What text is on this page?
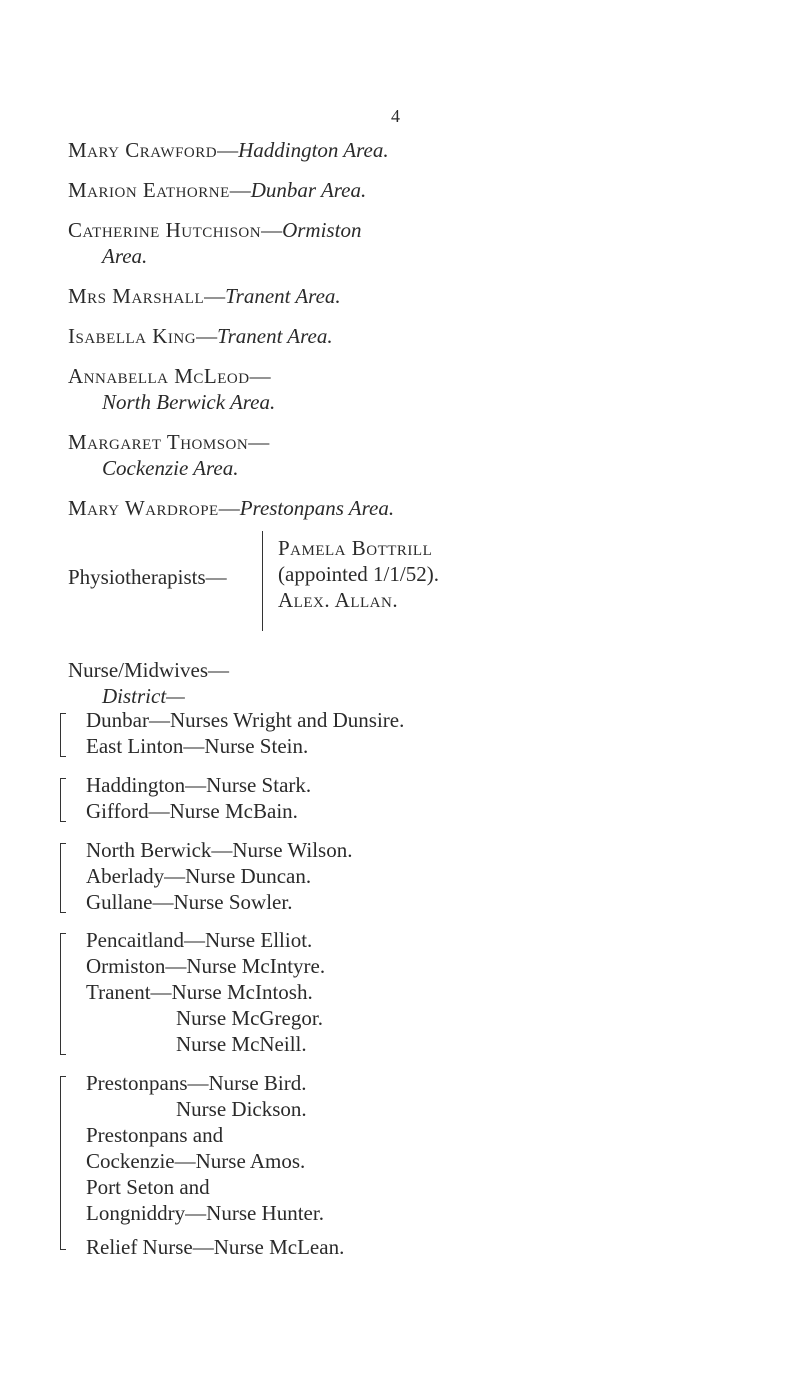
4
Mary Crawford—Haddington Area.
Marion Eathorne—Dunbar Area.
Catherine Hutchison—Ormiston
Area.
Mrs Marshall—Tranent Area.
Isabella King—Tranent Area.
Annabella McLeod—
North Berwick Area.
Margaret Thomson—
Cockenzie Area.
Mary Wardrope—Prestonpans Area.
Physiotherapists—
Pamela Bottrill
(appointed 1/1/52).
Alex. Allan.
Nurse/Midwives—
District—
Dunbar—Nurses Wright and Dunsire.
East Linton—Nurse Stein.
Haddington—Nurse Stark.
Gifford—Nurse McBain.
North Berwick—Nurse Wilson.
Aberlady—Nurse Duncan.
Gullane—Nurse Sowler.
Pencaitland—Nurse Elliot.
Ormiston—Nurse McIntyre.
Tranent—Nurse McIntosh.
Nurse McGregor.
Nurse McNeill.
Prestonpans—Nurse Bird.
Nurse Dickson.
Prestonpans and
Cockenzie—Nurse Amos.
Port Seton and
Longniddry—Nurse Hunter.
Relief Nurse—Nurse McLean.
